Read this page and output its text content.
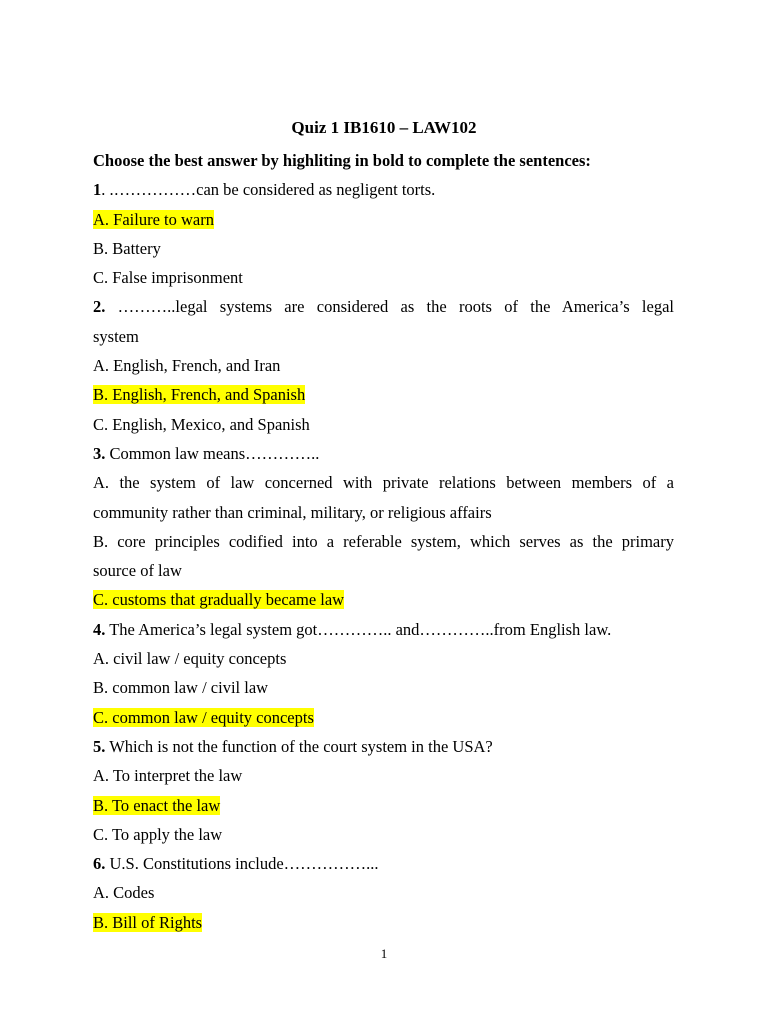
Quiz 1 IB1610 – LAW102
Choose the best answer by highliting in bold to complete the sentences:
1. .……………can be considered as negligent torts.
A. Failure to warn
B. Battery
C. False imprisonment
2. ………..legal systems are considered as the roots of the America’s legal
system
A. English, French, and Iran
B. English, French, and Spanish
C. English, Mexico, and Spanish
3. Common law means…………..
A. the system of law concerned with private relations between members of a
community rather than criminal, military, or religious affairs
B. core principles codified into a referable system, which serves as the primary
source of law
C. customs that gradually became law
4. The America’s legal system got………….. and…………..from English law.
A. civil law / equity concepts
B. common law / civil law
C. common law / equity concepts
5. Which is not the function of the court system in the USA?
A. To interpret the law
B. To enact the law
C. To apply the law
6. U.S. Constitutions include……………...
A. Codes
B. Bill of Rights
1
